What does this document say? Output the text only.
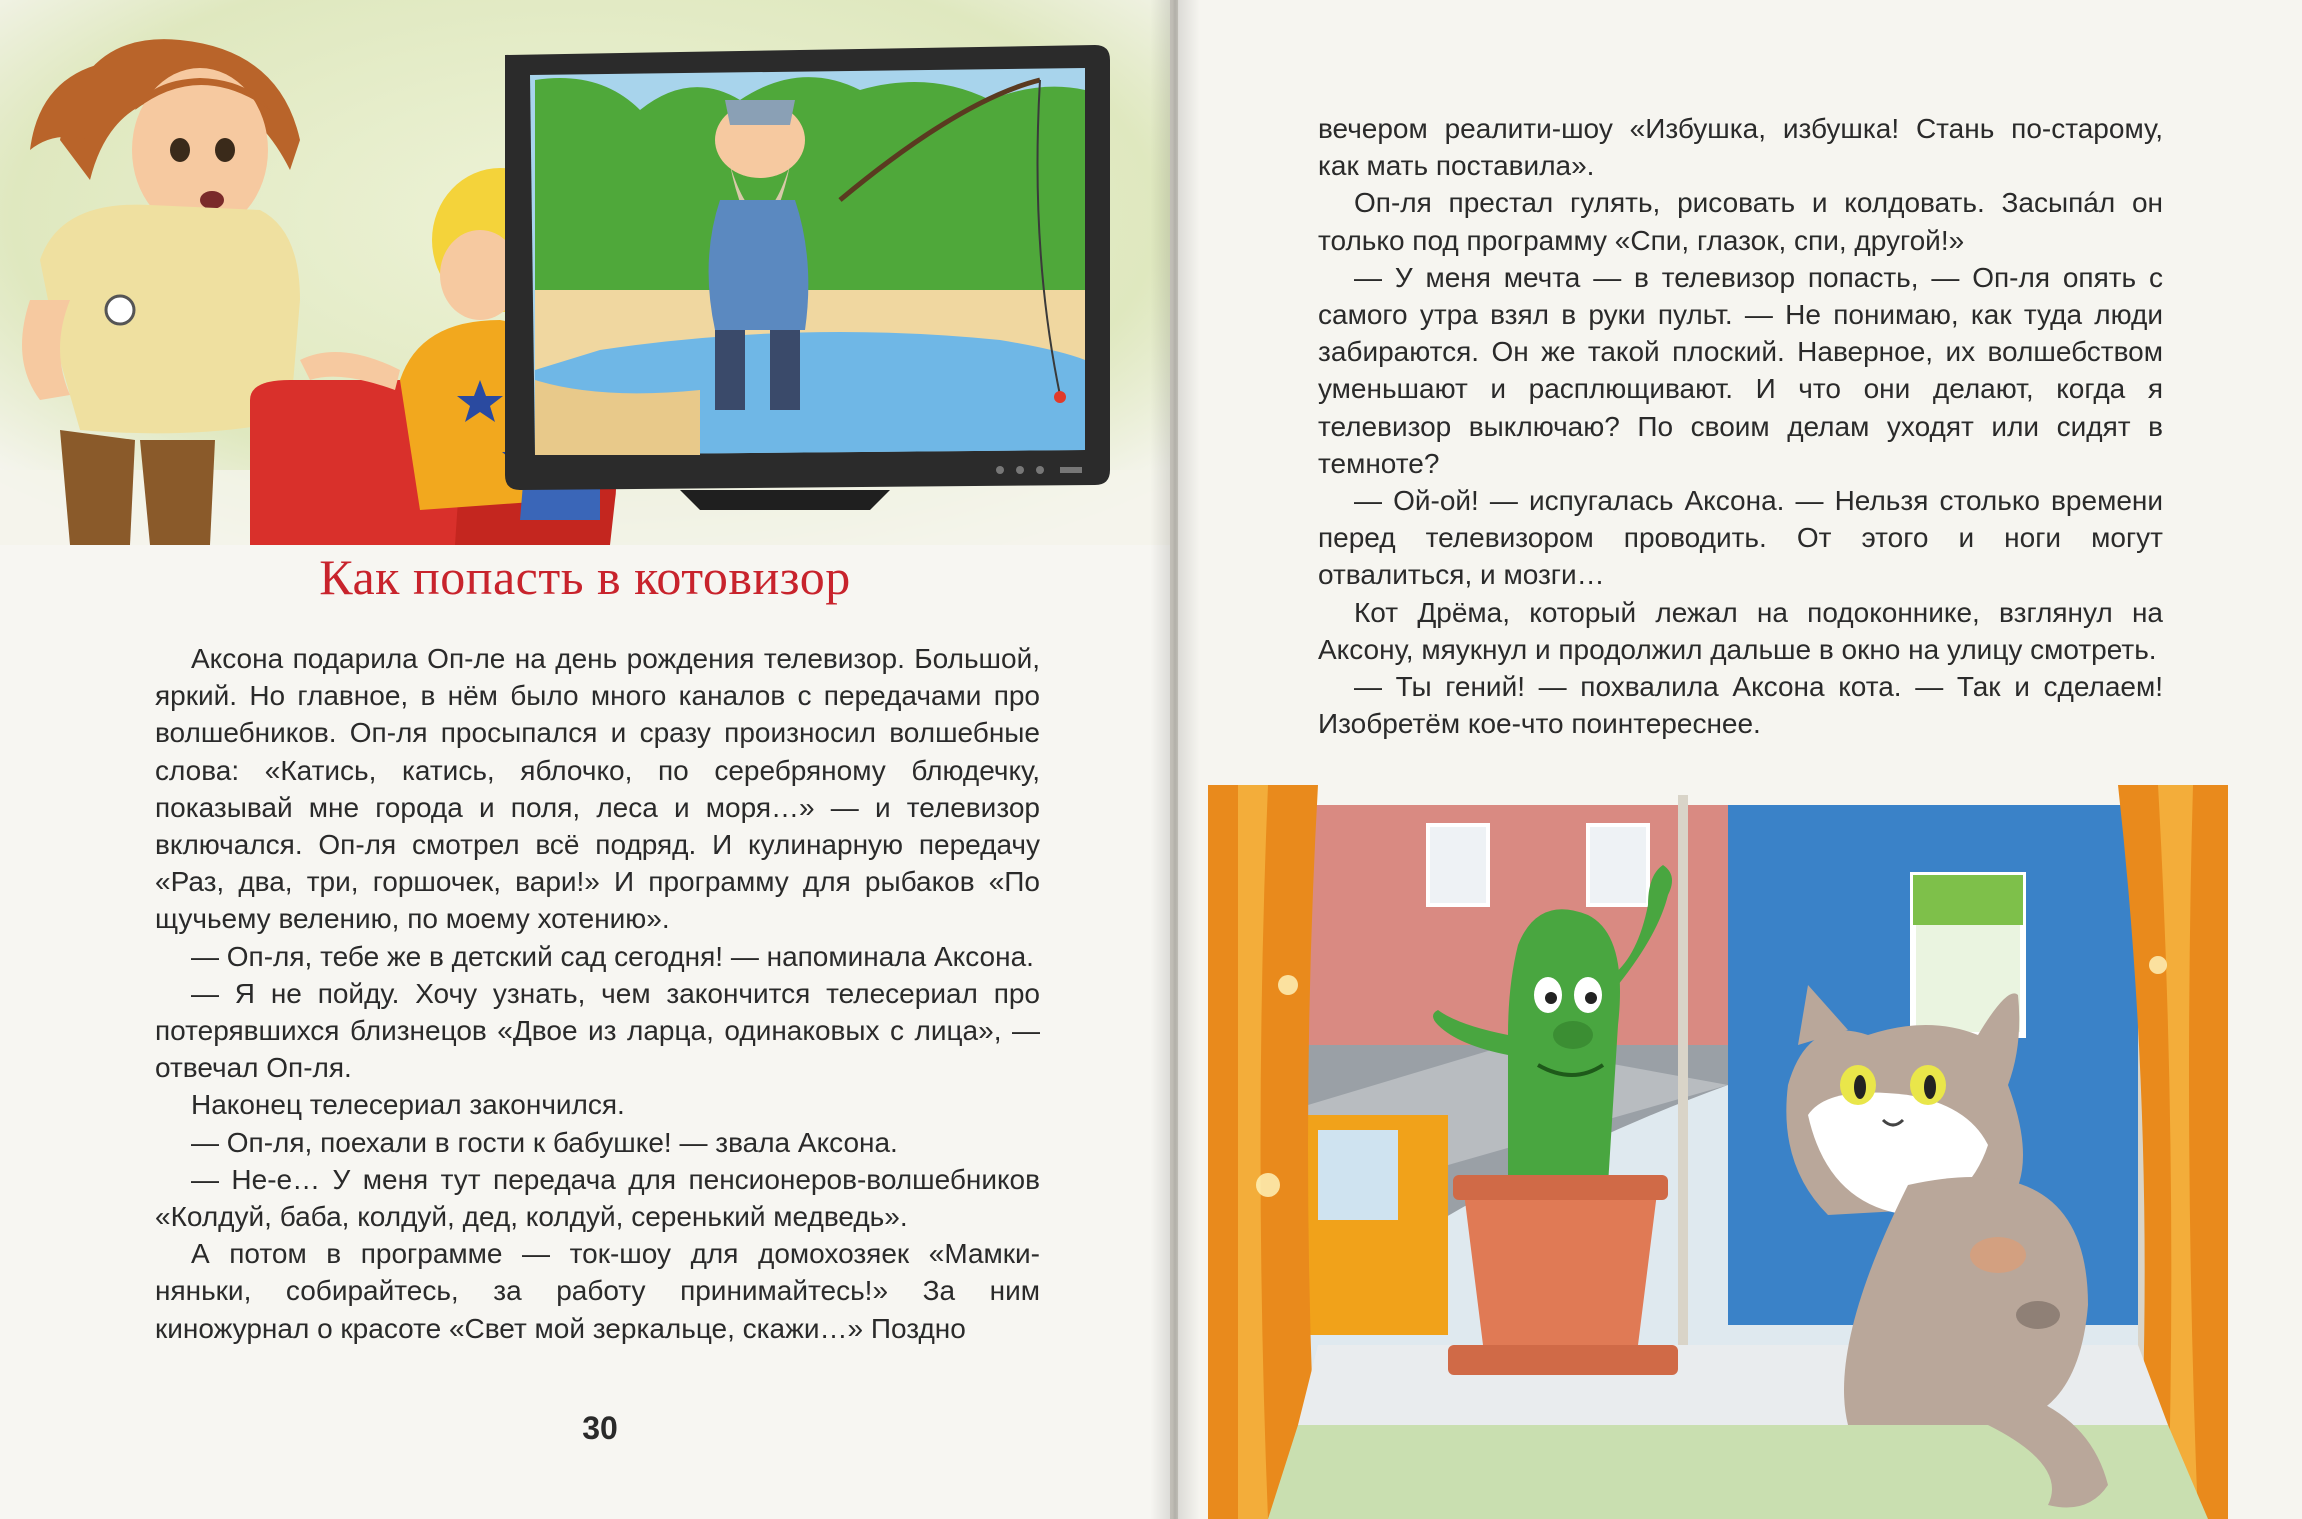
Как попасть в котовизор

Аксона подарила Оп-ле на день рождения телевизор. Большой, яркий. Но главное, в нём было много каналов с передачами про волшебников. Оп-ля просыпался и сразу произносил волшебные слова: «Катись, катись, яблочко, по серебряному блюдечку, показывай мне города и поля, леса и моря…» — и телевизор включался. Оп-ля смотрел всё подряд. И кулинарную передачу «Раз, два, три, горшочек, вари!» И программу для рыбаков «По щучьему велению, по моему хотению».

— Оп-ля, тебе же в детский сад сегодня! — напоминала Аксона.

— Я не пойду. Хочу узнать, чем закончится телесериал про потерявшихся близнецов «Двое из ларца, одинаковых с лица», — отвечал Оп-ля.

Наконец телесериал закончился.

— Оп-ля, поехали в гости к бабушке! — звала Аксона.

— Не-е… У меня тут передача для пенсионеров-волшебников «Колдуй, баба, колдуй, дед, колдуй, серенький медведь».

А потом в программе — ток-шоу для домохозяек «Мамки-няньки, собирайтесь, за работу принимайтесь!» За ним киножурнал о красоте «Свет мой зеркальце, скажи…» Поздно

30

вечером реалити-шоу «Избушка, избушка! Стань по-старому, как мать поставила».

Оп-ля престал гулять, рисовать и колдовать. Засыпáл он только под программу «Спи, глазок, спи, другой!»

— У меня мечта — в телевизор попасть, — Оп-ля опять с самого утра взял в руки пульт. — Не понимаю, как туда люди забираются. Он же такой плоский. Наверное, их волшебством уменьшают и расплющивают. И что они делают, когда я телевизор выключаю? По своим делам уходят или сидят в темноте?

— Ой-ой! — испугалась Аксона. — Нельзя столько времени перед телевизором проводить. От этого и ноги могут отвалиться, и мозги…

Кот Дрёма, который лежал на подоконнике, взглянул на Аксону, мяукнул и продолжил дальше в окно на улицу смотреть.

— Ты гений! — похвалила Аксона кота. — Так и сделаем! Изобретём кое-что поинтереснее.
